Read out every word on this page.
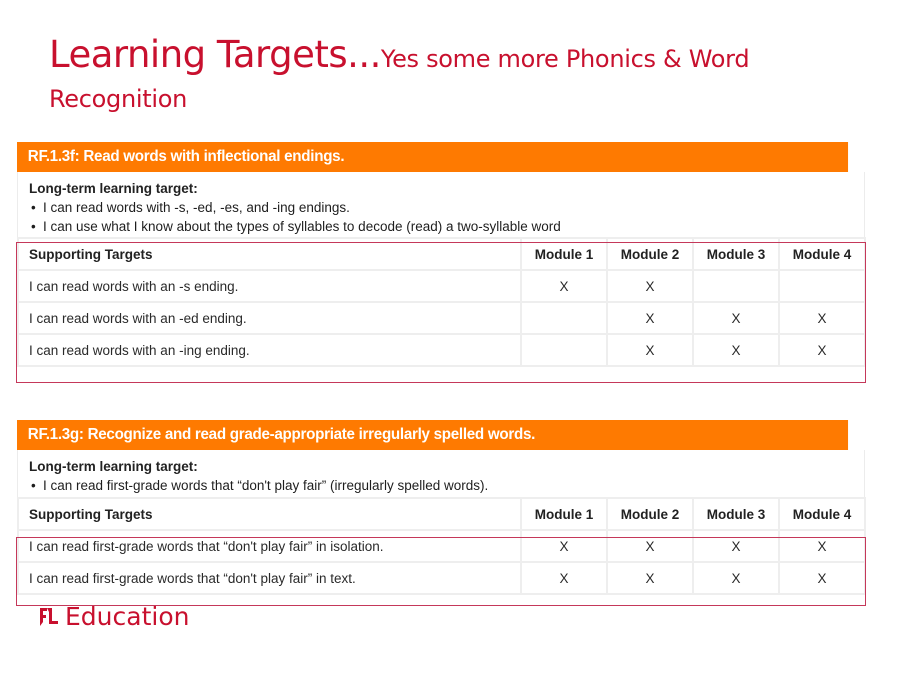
Learning Targets...Yes some more Phonics & Word
Recognition
RF.1.3f: Read words with inflectional endings.
Long-term learning target:
• I can read words with -s, -ed, -es, and -ing endings.
• I can use what I know about the types of syllables to decode (read) a two-syllable word
Supporting Targets	Module 1	Module 2	Module 3	Module 4
I can read words with an -s ending.	X	X		
I can read words with an -ed ending.		X	X	X
I can read words with an -ing ending.		X	X	X
RF.1.3g: Recognize and read grade-appropriate irregularly spelled words.
Long-term learning target:
• I can read first-grade words that “don't play fair” (irregularly spelled words).
Supporting Targets	Module 1	Module 2	Module 3	Module 4
I can read first-grade words that “don't play fair” in isolation.	X	X	X	X
I can read first-grade words that “don't play fair” in text.	X	X	X	X
Education
